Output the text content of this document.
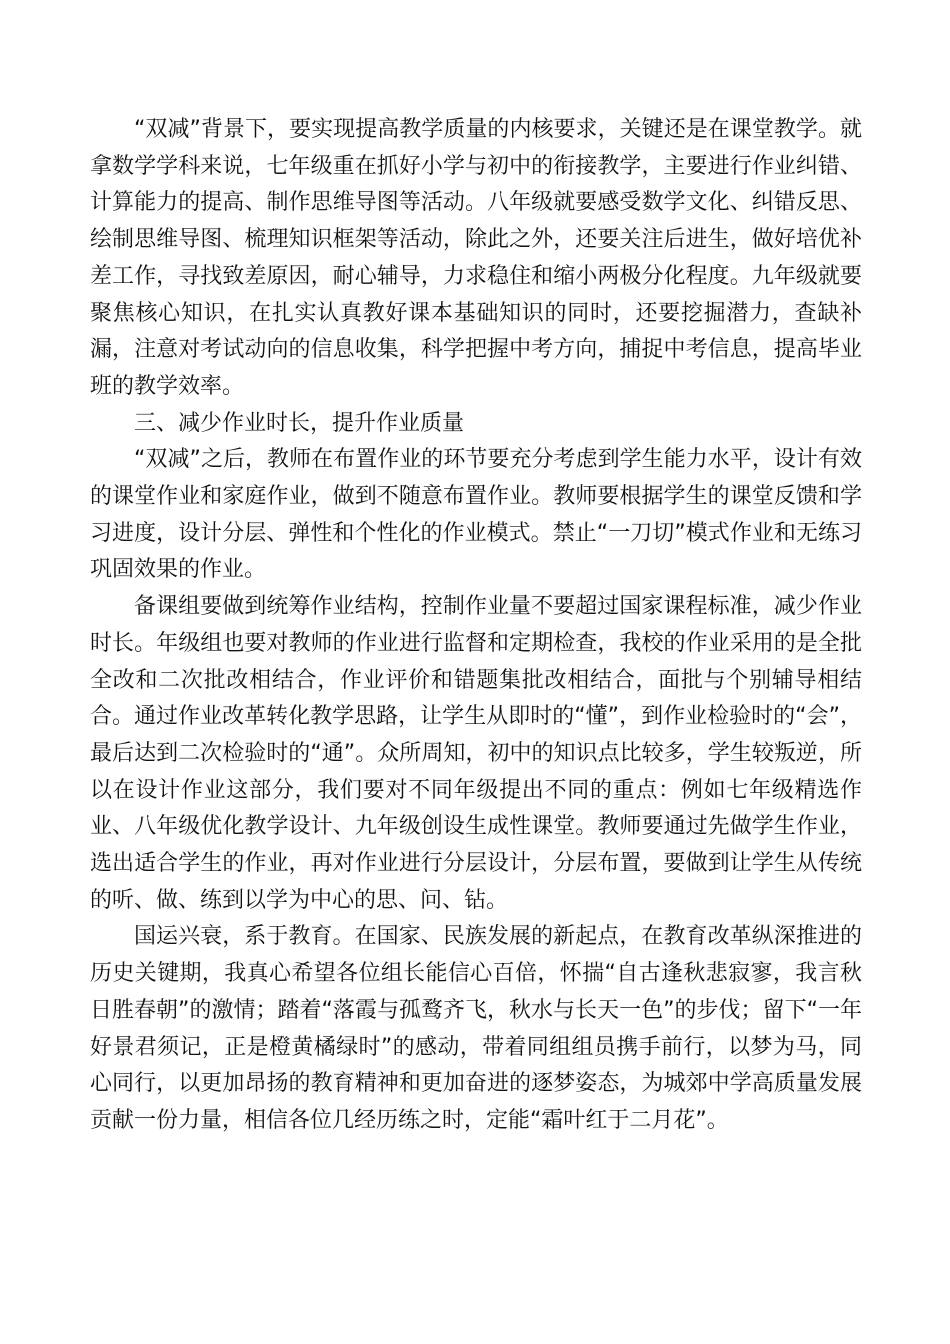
“双减”背景下，要实现提高教学质量的内核要求，关键还是在课堂教学。就拿数学学科来说，七年级重在抓好小学与初中的衔接教学，主要进行作业纠错、计算能力的提高、制作思维导图等活动。八年级就要感受数学文化、纠错反思、绘制思维导图、梳理知识框架等活动，除此之外，还要关注后进生，做好培优补差工作，寻找致差原因，耐心辅导，力求稳住和缩小两极分化程度。九年级就要聚焦核心知识，在扎实认真教好课本基础知识的同时，还要挖掘潜力，查缺补漏，注意对考试动向的信息收集，科学把握中考方向，捕捉中考信息，提高毕业班的教学效率。

三、减少作业时长，提升作业质量

“双减”之后，教师在布置作业的环节要充分考虑到学生能力水平，设计有效的课堂作业和家庭作业，做到不随意布置作业。教师要根据学生的课堂反馈和学习进度，设计分层、弹性和个性化的作业模式。禁止“一刀切”模式作业和无练习巩固效果的作业。

备课组要做到统筹作业结构，控制作业量不要超过国家课程标准，减少作业时长。年级组也要对教师的作业进行监督和定期检查，我校的作业采用的是全批全改和二次批改相结合，作业评价和错题集批改相结合，面批与个别辅导相结合。通过作业改革转化教学思路，让学生从即时的“懂”，到作业检验时的“会”，最后达到二次检验时的“通”。众所周知，初中的知识点比较多，学生较叛逆，所以在设计作业这部分，我们要对不同年级提出不同的重点：例如七年级精选作业、八年级优化教学设计、九年级创设生成性课堂。教师要通过先做学生作业，选出适合学生的作业，再对作业进行分层设计，分层布置，要做到让学生从传统的听、做、练到以学为中心的思、问、钻。

国运兴衰，系于教育。在国家、民族发展的新起点，在教育改革纵深推进的历史关键期，我真心希望各位组长能信心百倍，怀揣“自古逢秋悲寂寥，我言秋日胜春朝”的激情；踏着“落霞与孤鹜齐飞，秋水与长天一色”的步伐；留下“一年好景君须记，正是橙黄橘绿时”的感动，带着同组组员携手前行，以梦为马，同心同行，以更加昂扬的教育精神和更加奋进的逐梦姿态，为城郊中学高质量发展贡献一份力量，相信各位几经历练之时，定能“霜叶红于二月花”。
